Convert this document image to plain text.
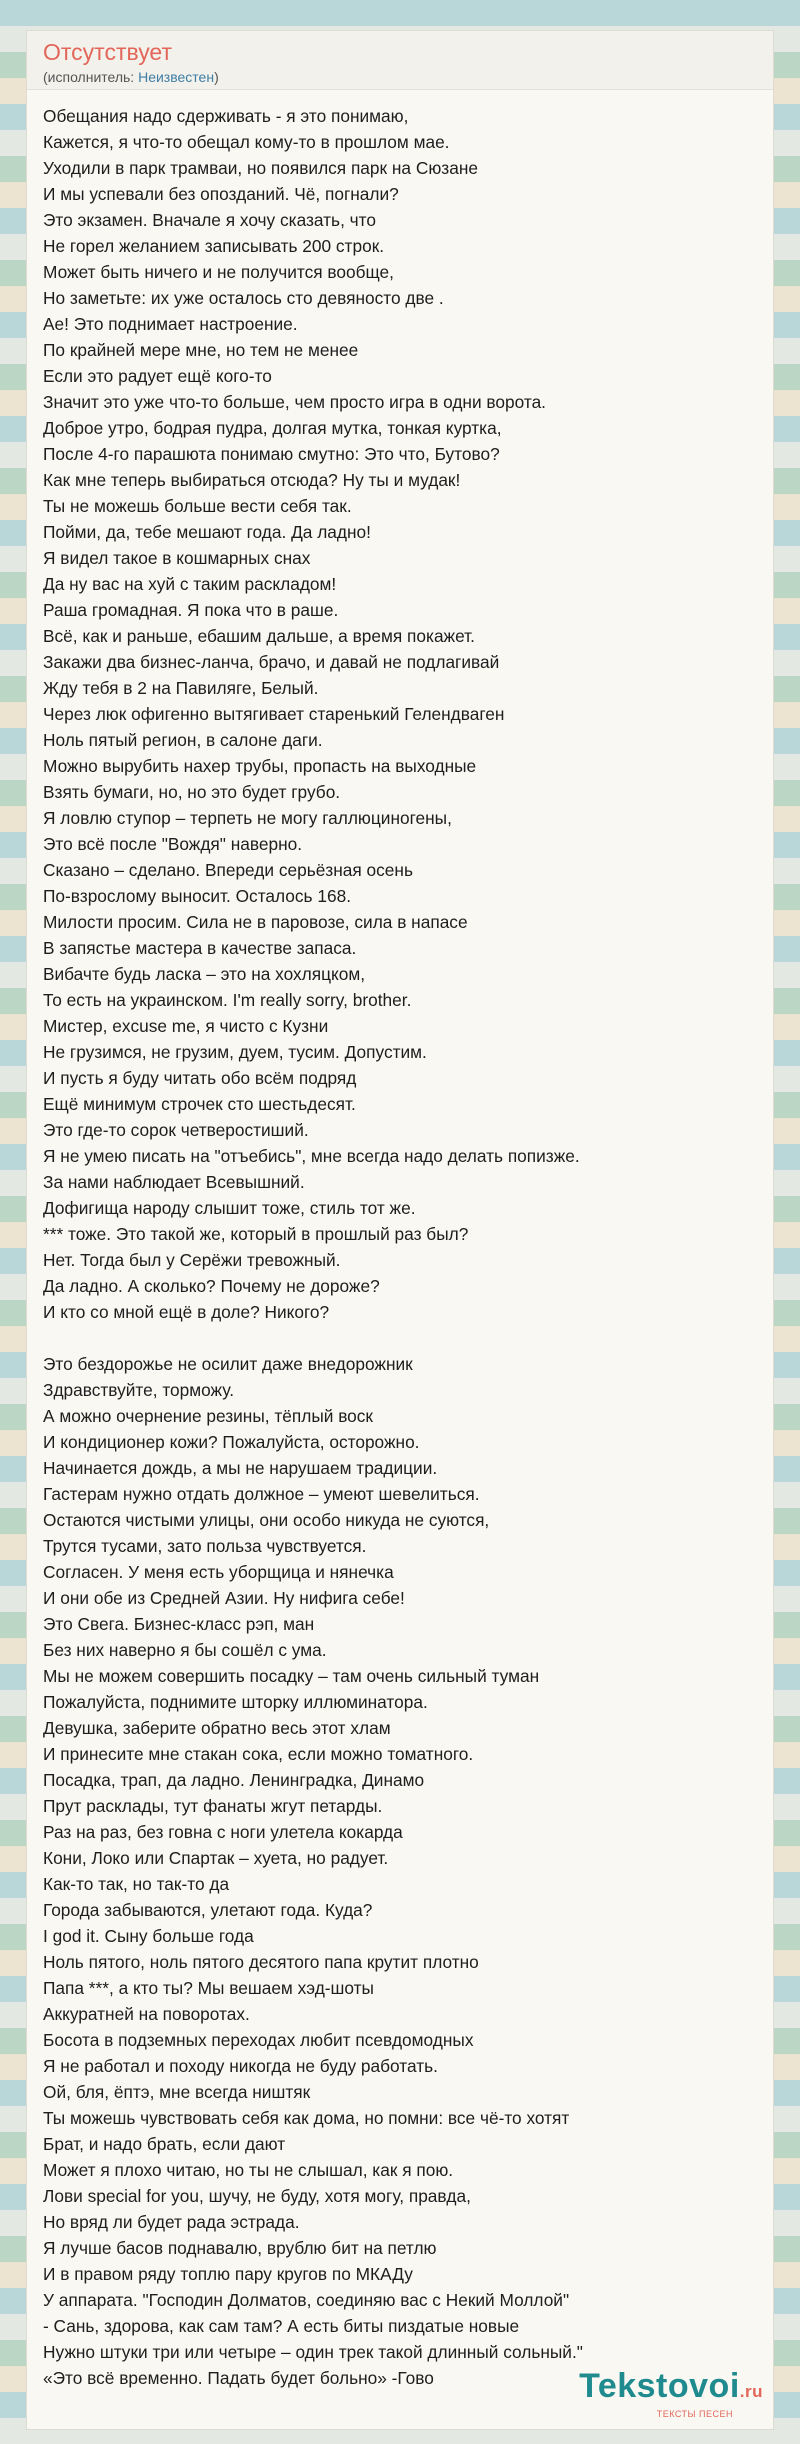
Отсутствует
(исполнитель: Неизвестен)
Обещания надо сдерживать - я это понимаю,
Кажется, я что-то обещал кому-то в прошлом мае.
Уходили в парк трамваи, но появился парк на Сюзане
И мы успевали без опозданий. Чё, погнали?
Это экзамен. Вначале я хочу сказать, что
Не горел желанием записывать 200 строк.
Может быть ничего и не получится вообще,
Но заметьте: их уже осталось сто девяносто две .
Ае! Это поднимает настроение.
По крайней мере мне, но тем не менее
Если это радует ещё кого-то
Значит это уже что-то больше, чем просто игра в одни ворота.
Доброе утро, бодрая пудра, долгая мутка, тонкая куртка,
После 4-го парашюта понимаю смутно: Это что, Бутово?
Как мне теперь выбираться отсюда? Ну ты и мудак!
Ты не можешь больше вести себя так.
Пойми, да, тебе мешают года. Да ладно!
Я видел такое в кошмарных снах
Да ну вас на хуй с таким раскладом!
Раша громадная. Я пока что в раше.
Всё, как и раньше, ебашим дальше, а время покажет.
Закажи два бизнес-ланча, брачо, и давай не подлагивай
Жду тебя в 2 на Павиляге, Белый.
Через люк офигенно вытягивает старенький Гелендваген
Ноль пятый регион, в салоне даги.
Можно вырубить нахер трубы, пропасть на выходные
Взять бумаги, но, но это будет грубо.
Я ловлю ступор – терпеть не могу галлюциногены,
Это всё после "Вождя" наверно.
Сказано – сделано. Впереди серьёзная осень
По-взрослому выносит. Осталось 168.
Милости просим. Сила не в паровозе, сила в напасе
В запястье мастера в качестве запаса.
Вибачте будь ласка – это на хохляцком,
То есть на украинском. I'm really sorry, brother.
Мистер, excuse me, я чисто с Кузни
Не грузимся, не грузим, дуем, тусим. Допустим.
И пусть я буду читать обо всём подряд
Ещё минимум строчек сто шестьдесят.
Это где-то сорок четверостиший.
Я не умею писать на "отъебись", мне всегда надо делать попизже.
За нами наблюдает Всевышний.
Дофигища народу слышит тоже, стиль тот же.
*** тоже. Это такой же, который в прошлый раз был?
Нет. Тогда был у Серёжи тревожный.
Да ладно. А сколько? Почему не дороже?
И кто со мной ещё в доле? Никого?
Это бездорожье не осилит даже внедорожник
Здравствуйте, торможу.
А можно очернение резины, тёплый воск
И кондиционер кожи? Пожалуйста, осторожно.
Начинается дождь, а мы не нарушаем традиции.
Гастерам нужно отдать должное – умеют шевелиться.
Остаются чистыми улицы, они особо никуда не суются,
Трутся тусами, зато польза чувствуется.
Согласен. У меня есть уборщица и нянечка
И они обе из Средней Азии. Ну нифига себе!
Это Свега. Бизнес-класс рэп, ман
Без них наверно я бы сошёл с ума.
Мы не можем совершить посадку – там очень сильный туман
Пожалуйста, поднимите шторку иллюминатора.
Девушка, заберите обратно весь этот хлам
И принесите мне стакан сока, если можно томатного.
Посадка, трап, да ладно. Ленинградка, Динамо
Прут расклады, тут фанаты жгут петарды.
Раз на раз, без говна с ноги улетела кокарда
Кони, Локо или Спартак – хуета, но радует.
Как-то так, но так-то да
Города забываются, улетают года. Куда?
I god it. Сыну больше года
Ноль пятого, ноль пятого десятого папа крутит плотно
Папа ***, а кто ты? Мы вешаем хэд-шоты
Аккуратней на поворотах.
Босота в подземных переходах любит псевдомодных
Я не работал и походу никогда не буду работать.
Ой, бля, ёптэ, мне всегда ништяк
Ты можешь чувствовать себя как дома, но помни: все чё-то хотят
Брат, и надо брать, если дают
Может я плохо читаю, но ты не слышал, как я пою.
Лови special for you, шучу, не буду, хотя могу, правда,
Но вряд ли будет рада эстрада.
Я лучше басов поднавалю, врублю бит на петлю
И в правом ряду топлю пару кругов по МКАДу
У аппарата. "Господин Долматов, соединяю вас с Некий Моллой"
- Сань, здорова, как сам там? А есть биты пиздатые новые
Нужно штуки три или четыре – один трек такой длинный сольный."
«Это всё временно. Падать будет больно» -Гово	Tekstovoi.ru
ТЕКСТЫ ПЕСЕН
